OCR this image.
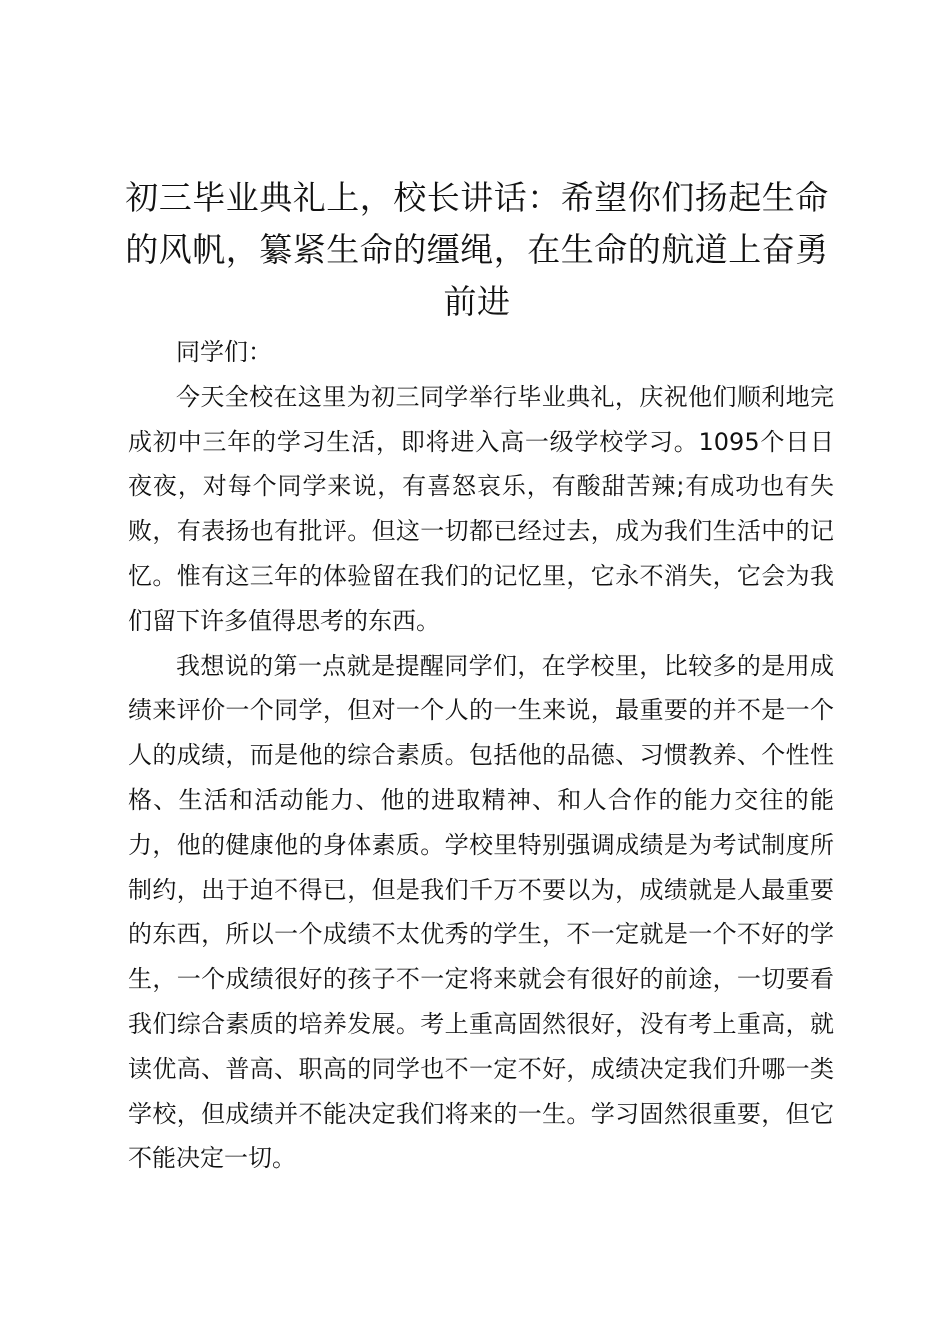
初三毕业典礼上，校长讲话：希望你们扬起生命的风帆，纂紧生命的缰绳，在生命的航道上奋勇前进

同学们：

今天全校在这里为初三同学举行毕业典礼，庆祝他们顺利地完成初中三年的学习生活，即将进入高一级学校学习。1095个日日夜夜，对每个同学来说，有喜怒哀乐，有酸甜苦辣;有成功也有失败，有表扬也有批评。但这一切都已经过去，成为我们生活中的记忆。惟有这三年的体验留在我们的记忆里，它永不消失，它会为我们留下许多值得思考的东西。

我想说的第一点就是提醒同学们，在学校里，比较多的是用成绩来评价一个同学，但对一个人的一生来说，最重要的并不是一个人的成绩，而是他的综合素质。包括他的品德、习惯教养、个性性格、生活和活动能力、他的进取精神、和人合作的能力交往的能力，他的健康他的身体素质。学校里特别强调成绩是为考试制度所制约，出于迫不得已，但是我们千万不要以为，成绩就是人最重要的东西，所以一个成绩不太优秀的学生，不一定就是一个不好的学生，一个成绩很好的孩子不一定将来就会有很好的前途，一切要看我们综合素质的培养发展。考上重高固然很好，没有考上重高，就读优高、普高、职高的同学也不一定不好，成绩决定我们升哪一类学校，但成绩并不能决定我们将来的一生。学习固然很重要，但它不能决定一切。
